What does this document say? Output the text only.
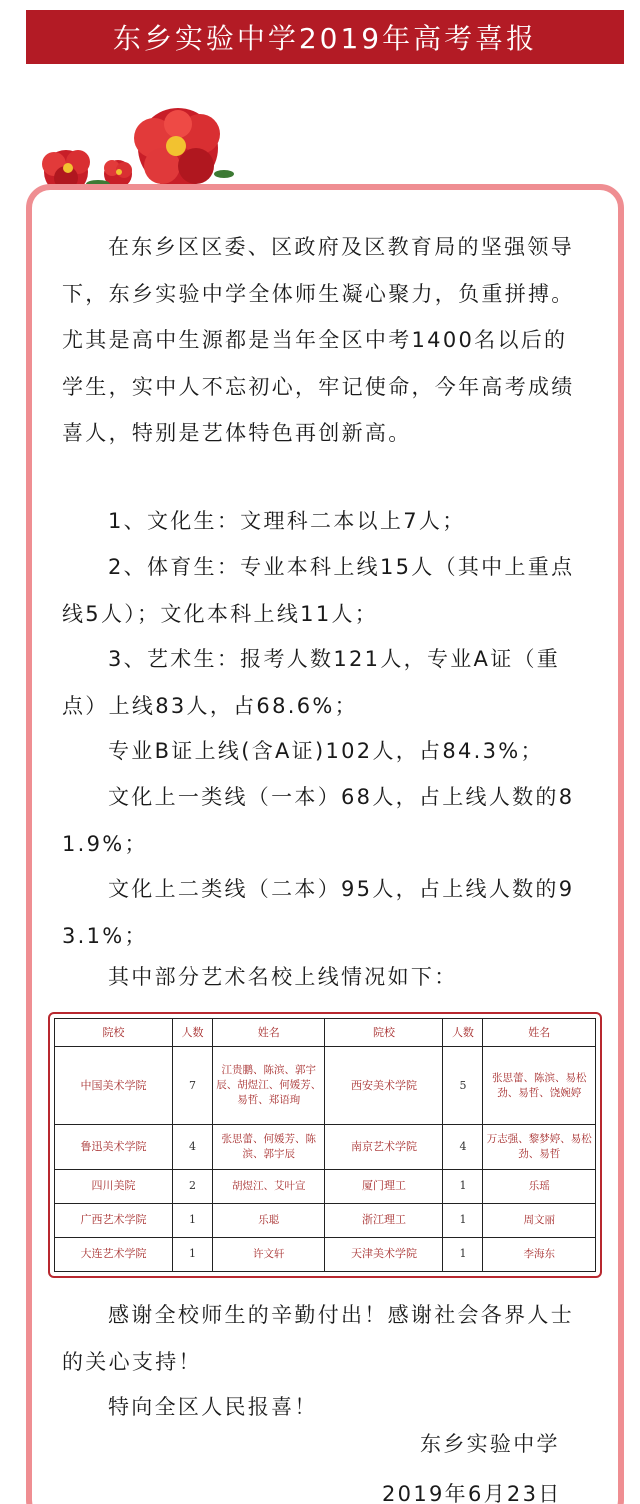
东乡实验中学2019年高考喜报
在东乡区区委、区政府及区教育局的坚强领导下，东乡实验中学全体师生凝心聚力，负重拼搏。尤其是高中生源都是当年全区中考1400名以后的学生，实中人不忘初心，牢记使命，今年高考成绩喜人，特别是艺体特色再创新高。
1、文化生：文理科二本以上7人；
2、体育生：专业本科上线15人（其中上重点线5人）；文化本科上线11人；
3、艺术生：报考人数121人，专业A证（重点）上线83人，占68.6%；
专业B证上线(含A证)102人，占84.3%；
文化上一类线（一本）68人，占上线人数的81.9%；
文化上二类线（二本）95人，占上线人数的93.1%；
其中部分艺术名校上线情况如下：
院校	人数	姓名	院校	人数	姓名
中国美术学院	7	江贵鹏、陈滨、郭宇辰、胡煜江、何媛芳、易哲、郑语珣	西安美术学院	5	张思蕾、陈滨、易松劲、易哲、饶婉婷
鲁迅美术学院	4	张思蕾、何媛芳、陈滨、郭宇辰	南京艺术学院	4	万志强、黎梦婷、易松劲、易哲
四川美院	2	胡煜江、艾叶宣	厦门理工	1	乐瑶
广西艺术学院	1	乐聪	浙江理工	1	周文丽
大连艺术学院	1	许文轩	天津美术学院	1	李海东
感谢全校师生的辛勤付出！感谢社会各界人士的关心支持！
特向全区人民报喜！
东乡实验中学
2019年6月23日
